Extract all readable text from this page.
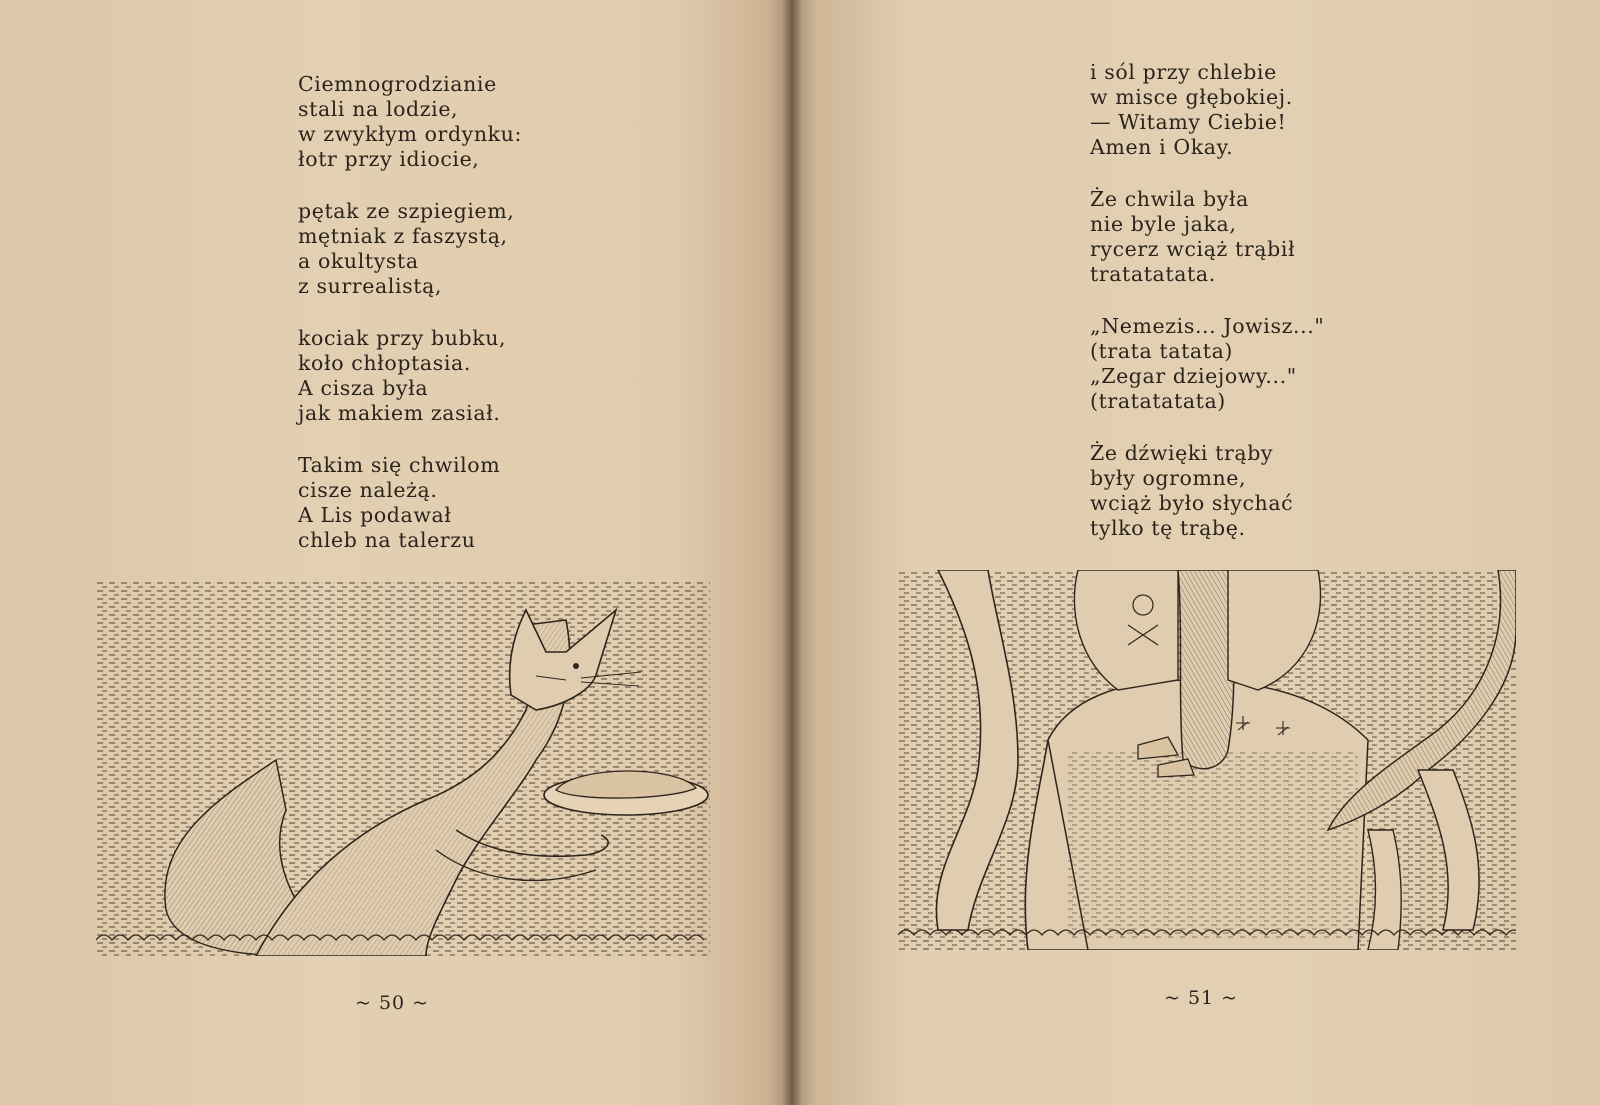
Ciemnogrodzianie
stali na lodzie,
w zwykłym ordynku:
łotr przy idiocie,
pętak ze szpiegiem,
mętniak z faszystą,
a okultysta
z surrealistą,
kociak przy bubku,
koło chłoptasia.
A cisza była
jak makiem zasiał.
Takim się chwilom
cisze należą.
A Lis podawał
chleb na talerzu
~ 50 ~
i sól przy chlebie
w misce głębokiej.
— Witamy Ciebie!
Amen i Okay.
Że chwila była
nie byle jaka,
rycerz wciąż trąbił
tratatatata.
„Nemezis... Jowisz..."
(trata tatata)
„Zegar dziejowy..."
(tratatatata)
Że dźwięki trąby
były ogromne,
wciąż było słychać
tylko tę trąbę.
~ 51 ~
